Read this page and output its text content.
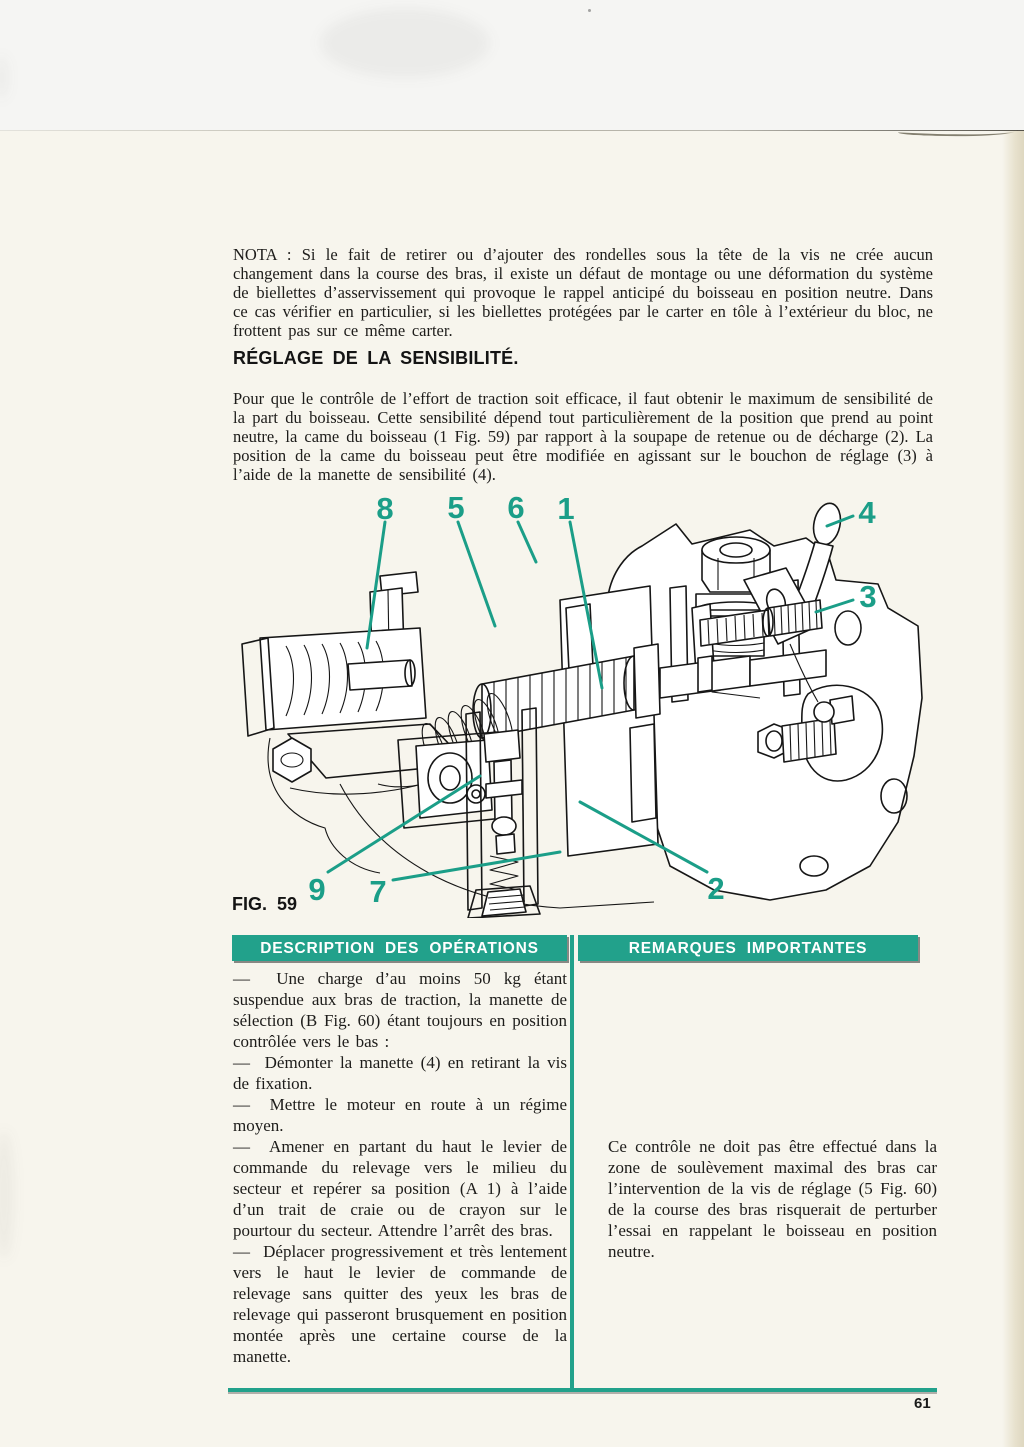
NOTA : Si le fait de retirer ou d’ajouter des rondelles sous la tête de la vis ne crée aucun changement dans la course des bras, il existe un défaut de montage ou une déformation du système de biellettes d’asservissement qui provoque le rappel anticipé du boisseau en position neutre. Dans ce cas vérifier en particulier, si les biellettes protégées par le carter en tôle à l’extérieur du bloc, ne frottent pas sur ce même carter.

RÉGLAGE DE LA SENSIBILITÉ.

Pour que le contrôle de l’effort de traction soit efficace, il faut obtenir le maximum de sensibilité de la part du boisseau. Cette sensibilité dépend tout particulièrement de la position que prend au point neutre, la came du boisseau (1 Fig. 59) par rapport à la soupape de retenue ou de décharge (2). La position de la came du boisseau peut être modifiée en agissant sur le bouchon de réglage (3) à l’aide de la manette de sensibilité (4).

8 5 6 1	4
3
9 7	2
FIG. 59
DESCRIPTION DES OPÉRATIONS	REMARQUES IMPORTANTES

—  Une charge d’au moins 50 kg étant suspendue aux bras de traction, la manette de sélection (B Fig. 60) étant toujours en position contrôlée vers le bas :

—  Démonter la manette (4) en retirant la vis de fixation.

—  Mettre le moteur en route à un régime moyen.

—  Amener en partant du haut le levier de commande du relevage vers le milieu du secteur et repérer sa position (A 1) à l’aide d’un trait de craie ou de crayon sur le pourtour du secteur. Attendre l’arrêt des bras.

—  Déplacer progressivement et très lentement vers le haut le levier de commande de relevage sans quitter des yeux les bras de relevage qui passeront brusquement en position montée après une certaine course de la manette.

Ce contrôle ne doit pas être effectué dans la zone de soulèvement maximal des bras car l’intervention de la vis de réglage (5 Fig. 60) de la course des bras risquerait de perturber l’essai en rappelant le boisseau en position neutre.

61
